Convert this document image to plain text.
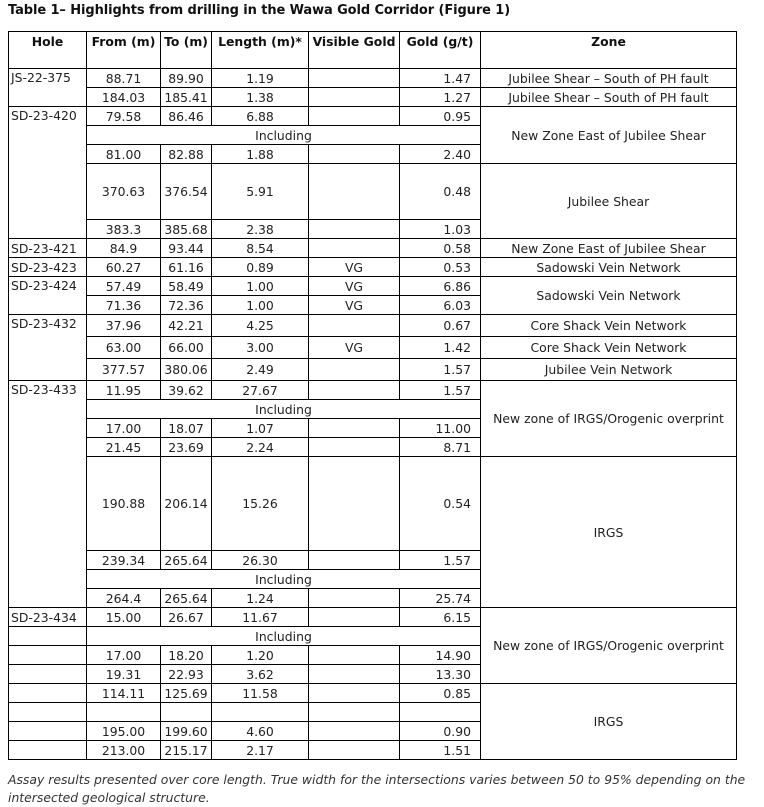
Table 1– Highlights from drilling in the Wawa Gold Corridor (Figure 1)
Hole	From (m)	To (m)	Length (m)*	Visible Gold	Gold (g/t)	Zone
JS-22-375	88.71	89.90	1.19		1.47	Jubilee Shear – South of PH fault
	184.03	185.41	1.38		1.27	Jubilee Shear – South of PH fault
SD-23-420	79.58	86.46	6.88		0.95	New Zone East of Jubilee Shear
	Including					
	81.00	82.88	1.88		2.40	
	370.63	376.54	5.91		0.48	Jubilee Shear
	383.3	385.68	2.38		1.03	
SD-23-421	84.9	93.44	8.54		0.58	New Zone East of Jubilee Shear
SD-23-423	60.27	61.16	0.89	VG	0.53	Sadowski Vein Network
SD-23-424	57.49	58.49	1.00	VG	6.86	Sadowski Vein Network
	71.36	72.36	1.00	VG	6.03	
SD-23-432	37.96	42.21	4.25		0.67	Core Shack Vein Network
	63.00	66.00	3.00	VG	1.42	Core Shack Vein Network
	377.57	380.06	2.49		1.57	Jubilee Vein Network
SD-23-433	11.95	39.62	27.67		1.57	New zone of IRGS/Orogenic overprint
	Including					
	17.00	18.07	1.07		11.00	
	21.45	23.69	2.24		8.71	
	190.88	206.14	15.26		0.54	IRGS
	239.34	265.64	26.30		1.57	
	Including					
	264.4	265.64	1.24		25.74	
SD-23-434	15.00	26.67	11.67		6.15	New zone of IRGS/Orogenic overprint
	Including					
	17.00	18.20	1.20		14.90	
	19.31	22.93	3.62		13.30	
	114.11	125.69	11.58		0.85	IRGS

	195.00	199.60	4.60		0.90	
	213.00	215.17	2.17		1.51	
Assay results presented over core length. True width for the intersections varies between 50 to 95% depending on the intersected geological structure.
